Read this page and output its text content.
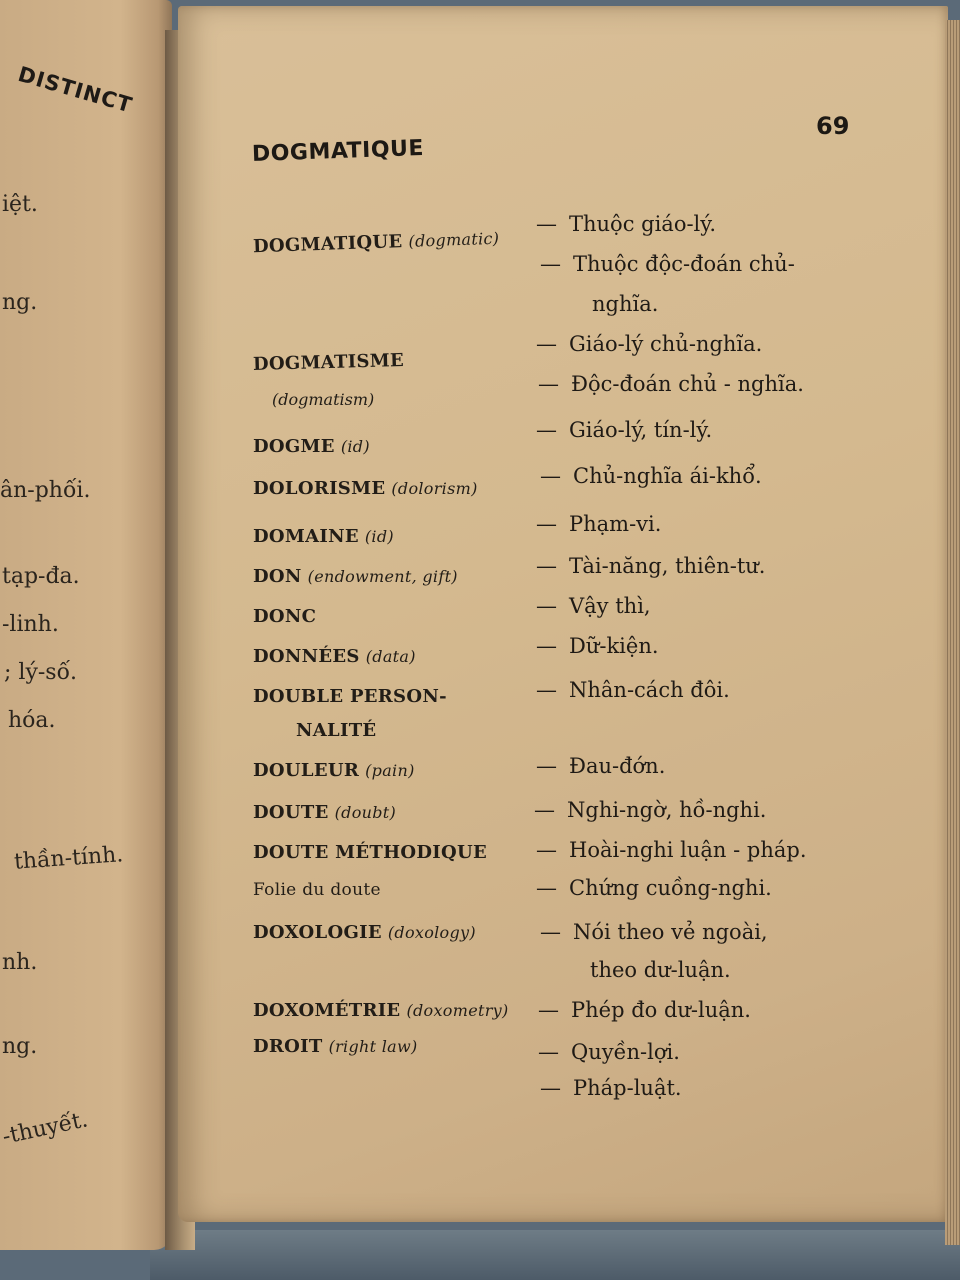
DISTINCT
iệt.
ng.
ân-phối.
tạp-đa.
-linh.
; lý-số.
hóa.
thần-tính.
nh.
ng.
-thuyết.
69
DOGMATIQUE
DOGMATIQUE (dogmatic)
DOGMATISME
(dogmatism)
DOGME (id)
DOLORISME (dolorism)
DOMAINE (id)
DON (endowment, gift)
DONC
DONNÉES (data)
DOUBLE PERSON-
NALITÉ
DOULEUR (pain)
DOUTE (doubt)
DOUTE MÉTHODIQUE
Folie du doute
DOXOLOGIE (doxology)
DOXOMÉTRIE (doxometry)
DROIT (right law)
— Thuộc giáo-lý.
— Thuộc độc-đoán chủ-
nghĩa.
— Giáo-lý chủ-nghĩa.
— Độc-đoán chủ - nghĩa.
— Giáo-lý, tín-lý.
— Chủ-nghĩa ái-khổ.
— Phạm-vi.
— Tài-năng, thiên-tư.
— Vậy thì,
— Dữ-kiện.
— Nhân-cách đôi.
— Đau-đớn.
— Nghi-ngờ, hồ-nghi.
— Hoài-nghi luận - pháp.
— Chứng cuồng-nghi.
— Nói theo vẻ ngoài,
theo dư-luận.
— Phép đo dư-luận.
— Quyền-lợi.
— Pháp-luật.
